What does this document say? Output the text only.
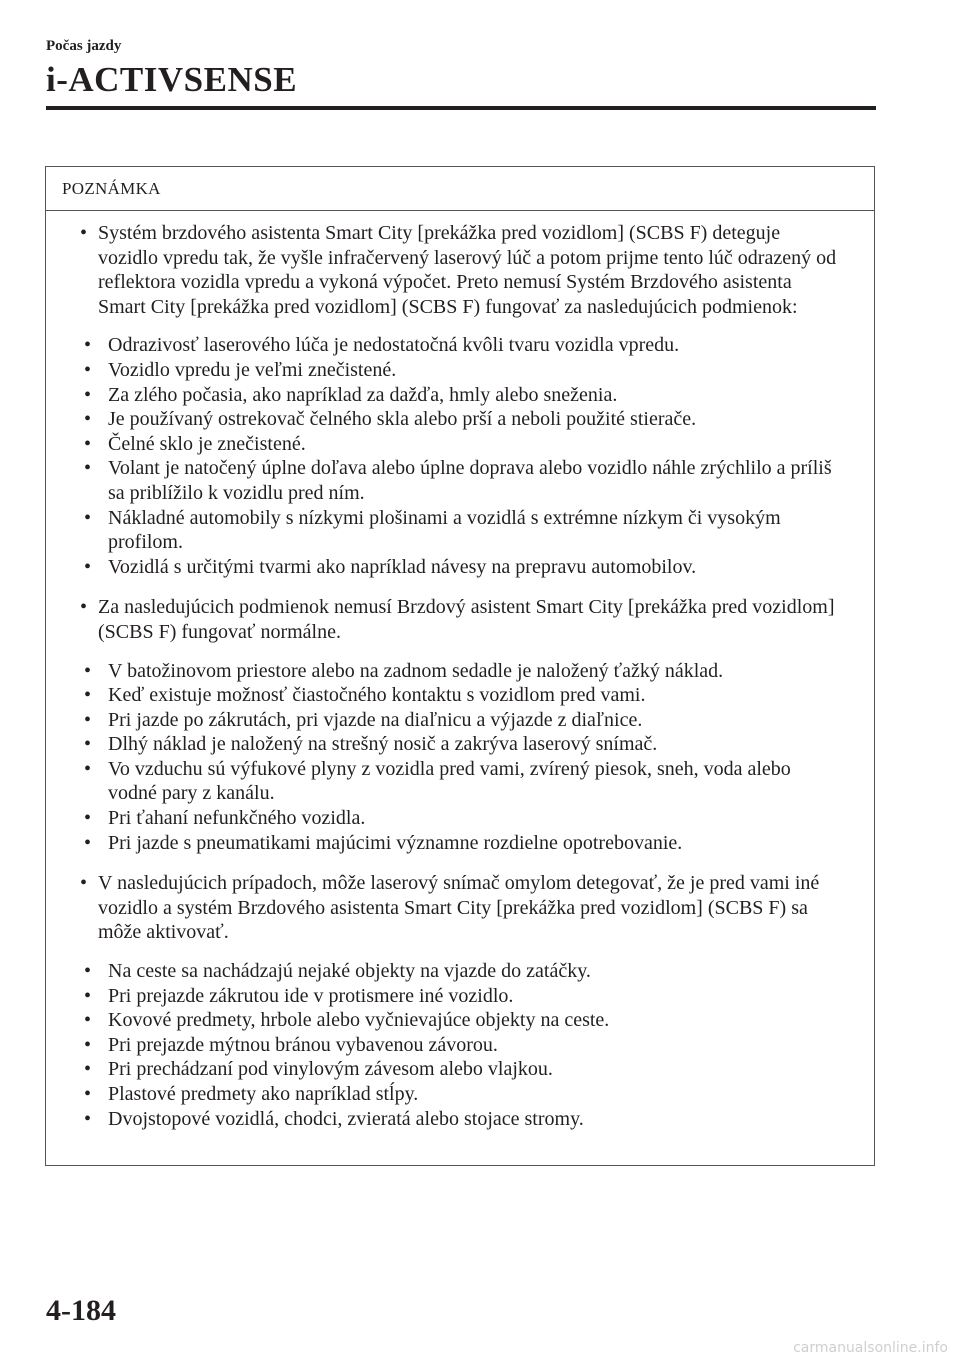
Počas jazdy
i-ACTIVSENSE
POZNÁMKA
• Systém brzdového asistenta Smart City [prekážka pred vozidlom] (SCBS F) deteguje vozidlo vpredu tak, že vyšle infračervený laserový lúč a potom prijme tento lúč odrazený od reflektora vozidla vpredu a vykoná výpočet. Preto nemusí Systém Brzdového asistenta Smart City [prekážka pred vozidlom] (SCBS F) fungovať za nasledujúcich podmienok:
• Odrazivosť laserového lúča je nedostatočná kvôli tvaru vozidla vpredu.
• Vozidlo vpredu je veľmi znečistené.
• Za zlého počasia, ako napríklad za dažďa, hmly alebo sneženia.
• Je používaný ostrekovač čelného skla alebo prší a neboli použité stierače.
• Čelné sklo je znečistené.
• Volant je natočený úplne doľava alebo úplne doprava alebo vozidlo náhle zrýchlilo a príliš sa priblížilo k vozidlu pred ním.
• Nákladné automobily s nízkymi plošinami a vozidlá s extrémne nízkym či vysokým profilom.
• Vozidlá s určitými tvarmi ako napríklad návesy na prepravu automobilov.
• Za nasledujúcich podmienok nemusí Brzdový asistent Smart City [prekážka pred vozidlom] (SCBS F) fungovať normálne.
• V batožinovom priestore alebo na zadnom sedadle je naložený ťažký náklad.
• Keď existuje možnosť čiastočného kontaktu s vozidlom pred vami.
• Pri jazde po zákrutách, pri vjazde na diaľnicu a výjazde z diaľnice.
• Dlhý náklad je naložený na strešný nosič a zakrýva laserový snímač.
• Vo vzduchu sú výfukové plyny z vozidla pred vami, zvírený piesok, sneh, voda alebo vodné pary z kanálu.
• Pri ťahaní nefunkčného vozidla.
• Pri jazde s pneumatikami majúcimi významne rozdielne opotrebovanie.
• V nasledujúcich prípadoch, môže laserový snímač omylom detegovať, že je pred vami iné vozidlo a systém Brzdového asistenta Smart City [prekážka pred vozidlom] (SCBS F) sa môže aktivovať.
• Na ceste sa nachádzajú nejaké objekty na vjazde do zatáčky.
• Pri prejazde zákrutou ide v protismere iné vozidlo.
• Kovové predmety, hrbole alebo vyčnievajúce objekty na ceste.
• Pri prejazde mýtnou bránou vybavenou závorou.
• Pri prechádzaní pod vinylovým závesom alebo vlajkou.
• Plastové predmety ako napríklad stĺpy.
• Dvojstopové vozidlá, chodci, zvieratá alebo stojace stromy.
4-184
carmanualsonline.info
